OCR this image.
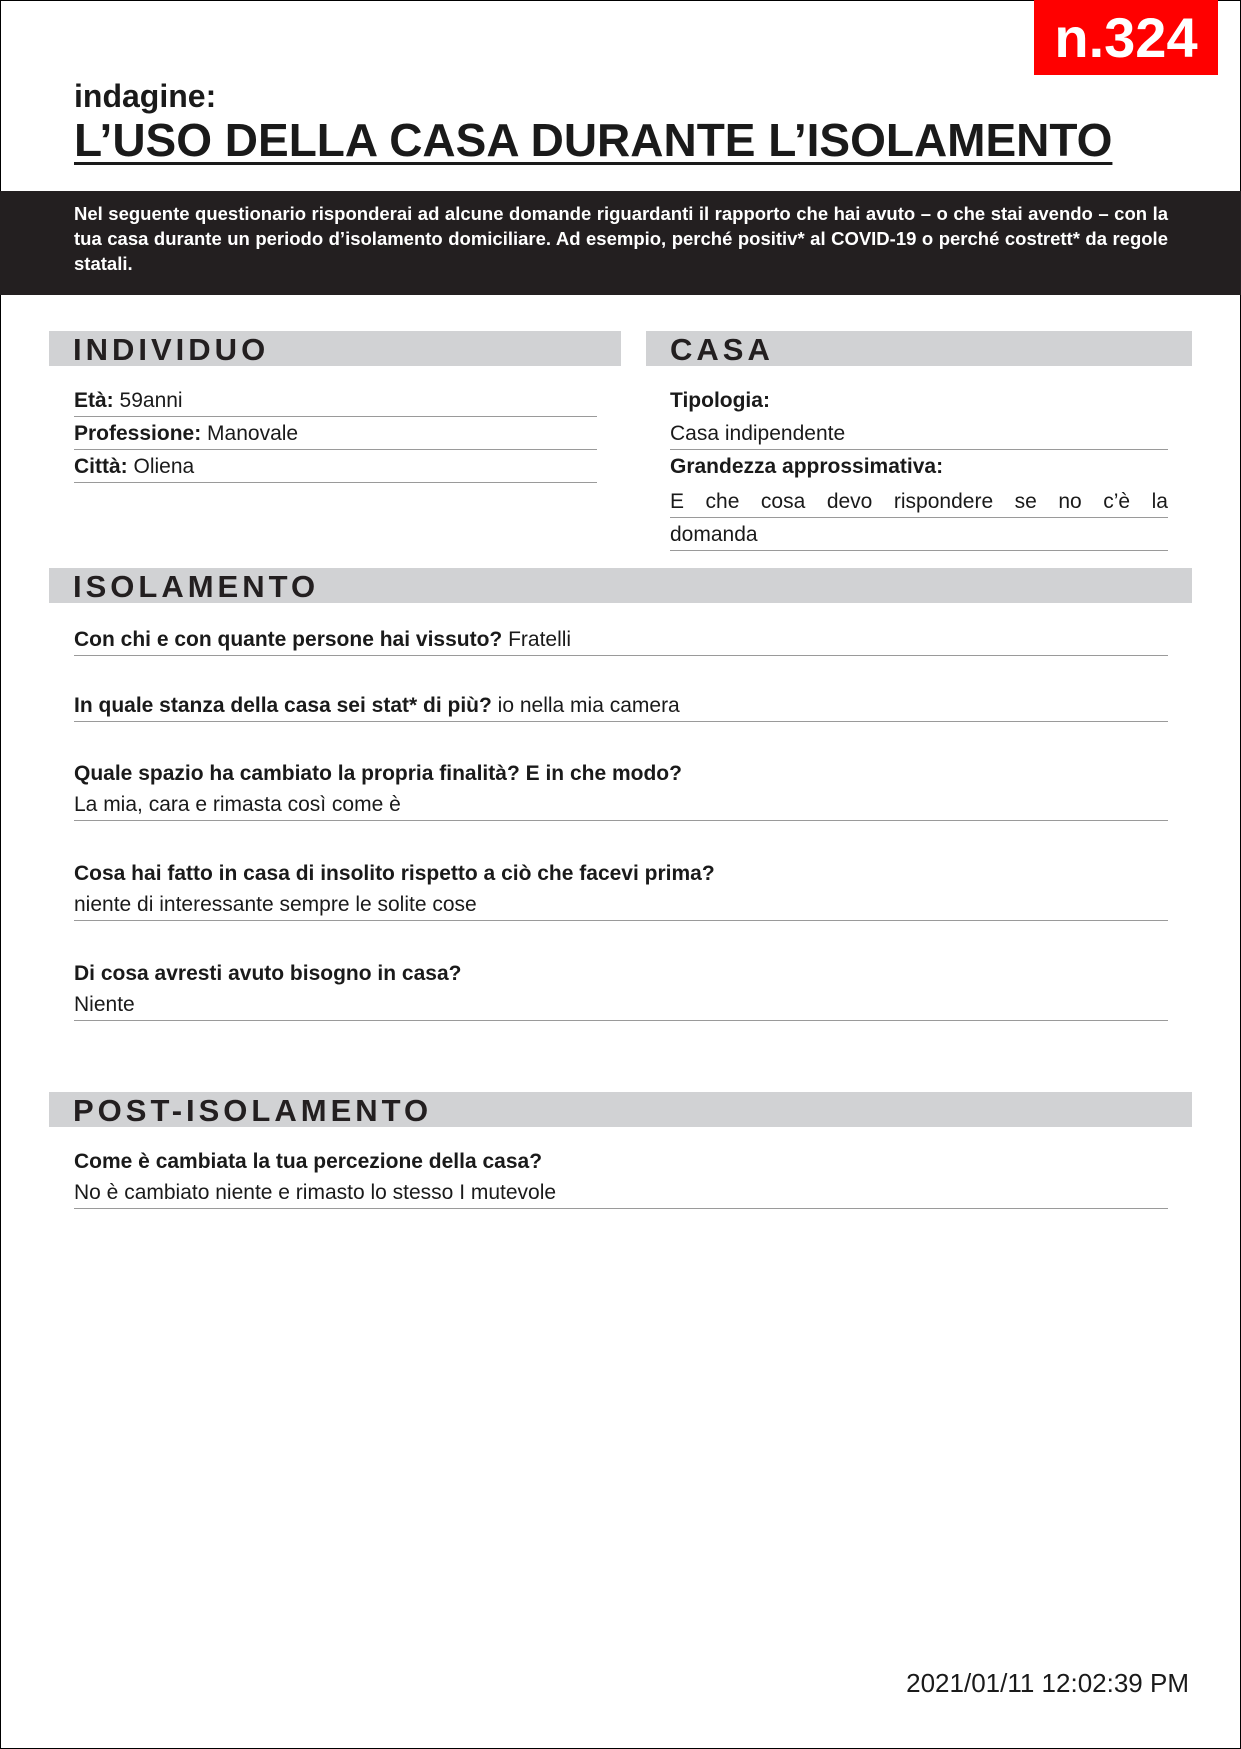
n.324
indagine:
L’USO DELLA CASA DURANTE L’ISOLAMENTO
Nel seguente questionario risponderai ad alcune domande riguardanti il rapporto che hai avuto – o che stai avendo – con la tua casa durante un periodo d’isolamento domiciliare. Ad esempio, perché positiv* al COVID-19 o perché costrett* da regole statali.
INDIVIDUO
Età: 59anni
Professione: Manovale
Città: Oliena
CASA
Tipologia:
Casa indipendente
Grandezza approssimativa:
E che cosa devo rispondere se no c’è la
domanda
ISOLAMENTO
Con chi e con quante persone hai vissuto? Fratelli
In quale stanza della casa sei stat* di più? io nella mia camera
Quale spazio ha cambiato la propria finalità? E in che modo?
La mia, cara e rimasta così come è
Cosa hai fatto in casa di insolito rispetto a ciò che facevi prima?
niente di interessante sempre le solite cose
Di cosa avresti avuto bisogno in casa?
Niente
POST-ISOLAMENTO
Come è cambiata la tua percezione della casa?
No è cambiato niente e rimasto lo stesso I mutevole
2021/01/11 12:02:39 PM
